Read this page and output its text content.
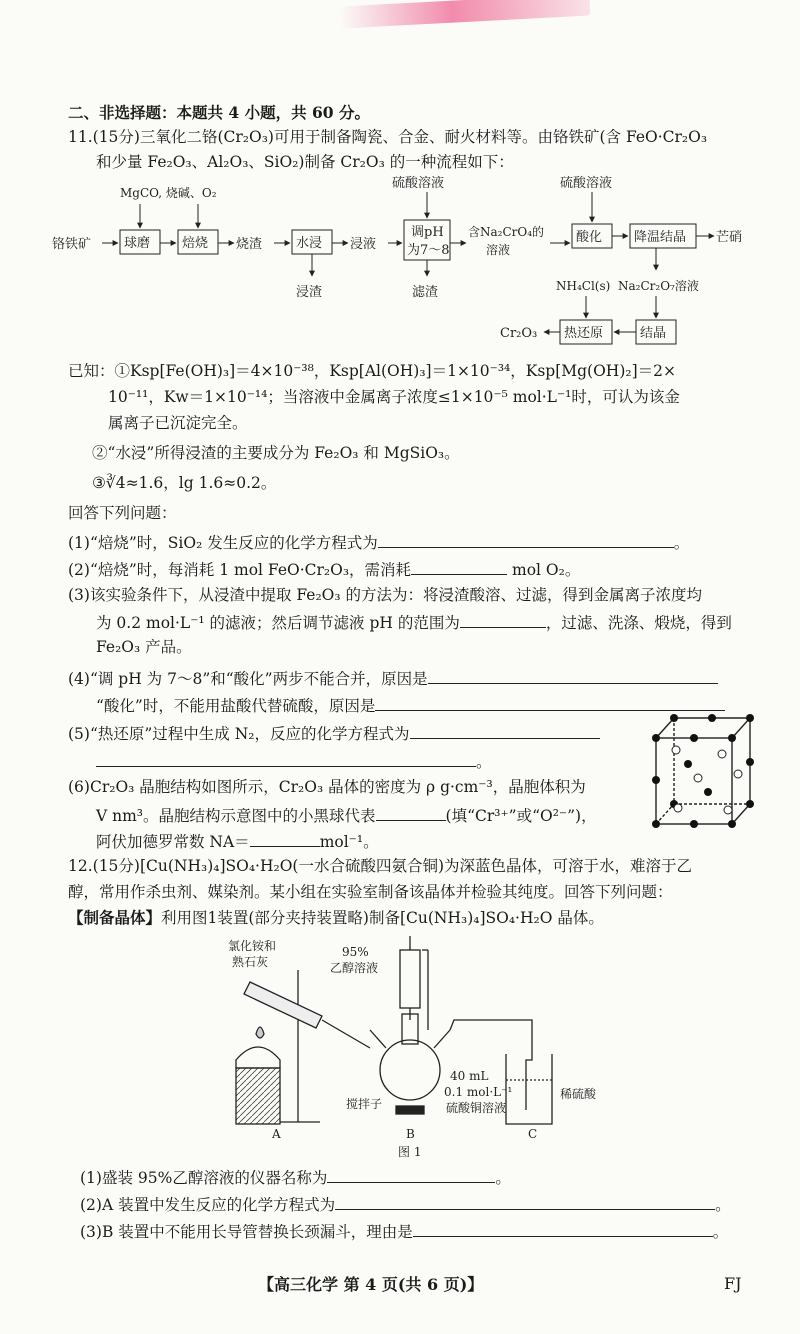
二、非选择题：本题共 4 小题，共 60 分。
11.(15分)三氧化二铬(Cr₂O₃)可用于制备陶瓷、合金、耐火材料等。由铬铁矿(含 FeO·Cr₂O₃
和少量 Fe₂O₃、Al₂O₃、SiO₂)制备 Cr₂O₃ 的一种流程如下：
铬铁矿	球磨 焙烧
MgCO, 烧碱、O₂
烧渣	水浸
浸渣
浸液
硫酸溶液
调pH
为7～8
滤渣
含Na₂CrO₄的
溶液
硫酸溶液
酸化 降温结晶 芒硝
Na₂Cr₂O₇溶液
结晶
NH₄Cl(s)
热还原
Cr₂O₃
已知：①Ksp[Fe(OH)₃]＝4×10⁻³⁸，Ksp[Al(OH)₃]＝1×10⁻³⁴，Ksp[Mg(OH)₂]＝2×
10⁻¹¹，Kw＝1×10⁻¹⁴；当溶液中金属离子浓度≤1×10⁻⁵ mol·L⁻¹时，可认为该金
属离子已沉淀完全。
②“水浸”所得浸渣的主要成分为 Fe₂O₃ 和 MgSiO₃。
③∛4≈1.6，lg 1.6≈0.2。
回答下列问题：
(1)“焙烧”时，SiO₂ 发生反应的化学方程式为	。
(2)“焙烧”时，每消耗 1 mol FeO·Cr₂O₃，需消耗	mol O₂。
(3)该实验条件下，从浸渣中提取 Fe₂O₃ 的方法为：将浸渣酸溶、过滤，得到金属离子浓度均
为 0.2 mol·L⁻¹ 的滤液；然后调节滤液 pH 的范围为	，过滤、洗涤、煅烧，得到
Fe₂O₃ 产品。
(4)“调 pH 为 7～8”和“酸化”两步不能合并，原因是
“酸化”时，不能用盐酸代替硫酸，原因是
(5)“热还原”过程中生成 N₂，反应的化学方程式为
。
(6)Cr₂O₃ 晶胞结构如图所示，Cr₂O₃ 晶体的密度为 ρ g·cm⁻³，晶胞体积为
V nm³。晶胞结构示意图中的小黑球代表	(填“Cr³⁺”或“O²⁻”)，
阿伏加德罗常数 NA＝	mol⁻¹。
12.(15分)[Cu(NH₃)₄]SO₄·H₂O(一水合硫酸四氨合铜)为深蓝色晶体，可溶于水，难溶于乙
醇，常用作杀虫剂、媒染剂。某小组在实验室制备该晶体并检验其纯度。回答下列问题：
【制备晶体】利用图1装置(部分夹持装置略)制备[Cu(NH₃)₄]SO₄·H₂O 晶体。
氯化铵和
熟石灰
95%
乙醇溶液
40 mL
0.1 mol·L⁻¹
硫酸铜溶液
搅拌子
稀硫酸
A	B	C
图 1
(1)盛装 95%乙醇溶液的仪器名称为	。
(2)A 装置中发生反应的化学方程式为	。
(3)B 装置中不能用长导管替换长颈漏斗，理由是	。
【高三化学 第 4 页(共 6 页)】	FJ
